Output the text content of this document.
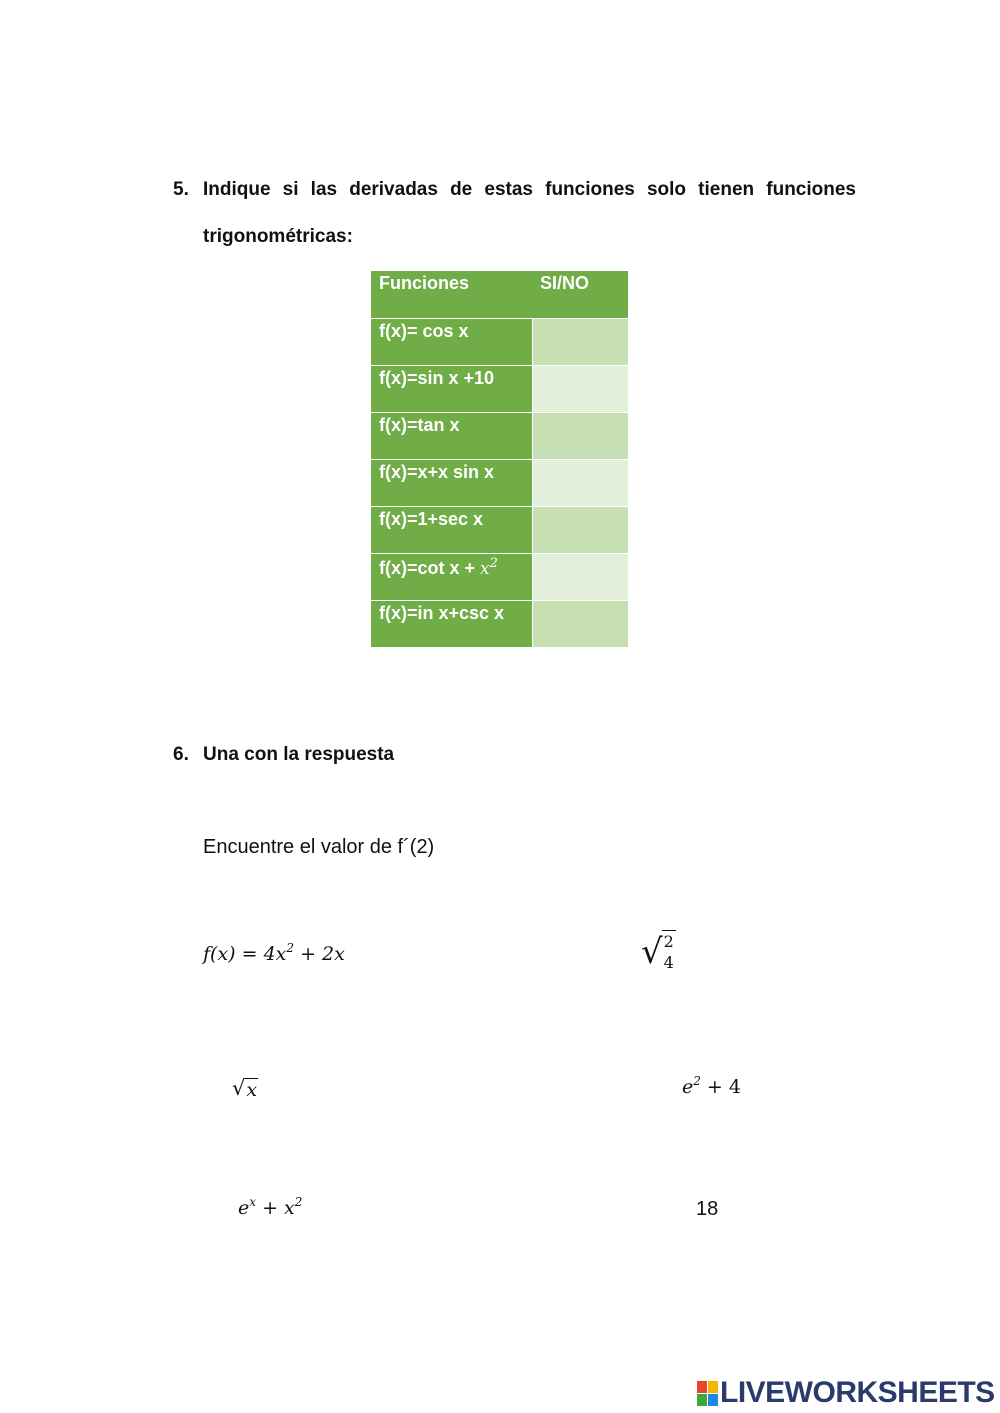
5. Indique si las derivadas de estas funciones solo tienen funciones
trigonométricas:
Funciones	SI/NO
f(x)= cos x	
f(x)=sin x +10	
f(x)=tan x	
f(x)=x+x sin x	
f(x)=1+sec x	
f(x)=cot $x + x^2$	
f(x)=in x+csc x	
6. Una con la respuesta
Encuentre el valor de f´(2)
$f(x) = 4x^2 + 2x$
√ x
$e^x + x^2$
√ 2
4
$e^2 + 4$
18
LIVEWORKSHEETS
